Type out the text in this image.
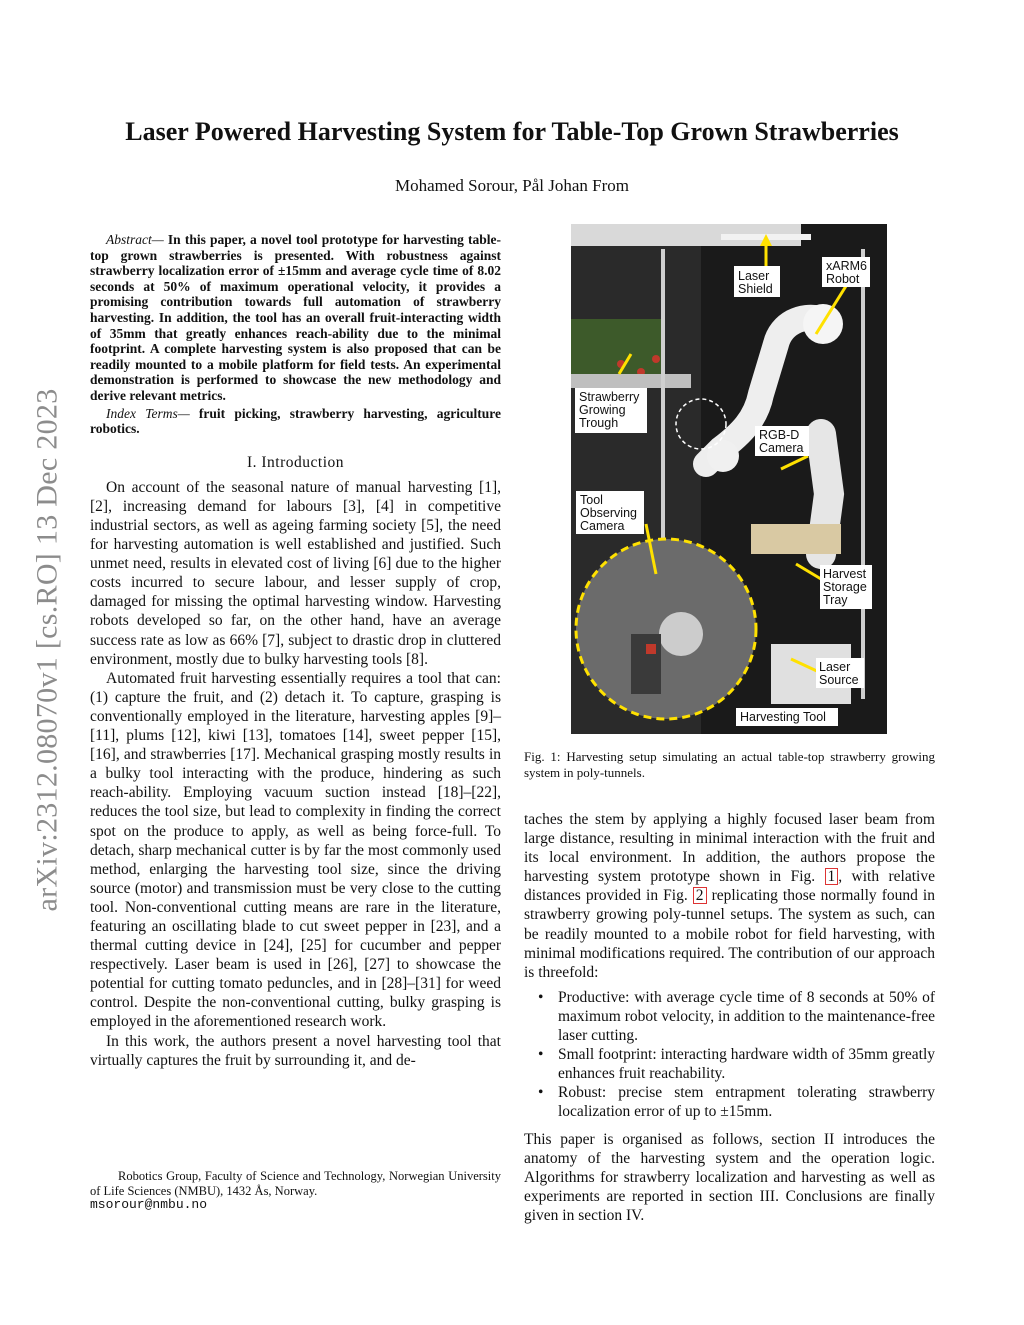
arXiv:2312.08070v1 [cs.RO] 13 Dec 2023
Laser Powered Harvesting System for Table-Top Grown Strawberries

Mohamed Sorour, Pål Johan From

Abstract— In this paper, a novel tool prototype for harvesting table-top grown strawberries is presented. With robustness against strawberry localization error of ±15mm and average cycle time of 8.02 seconds at 50% of maximum operational velocity, it provides a promising contribution towards full automation of strawberry harvesting. In addition, the tool has an overall fruit-interacting width of 35mm that greatly enhances reach-ability due to the minimal footprint. A complete harvesting system is also proposed that can be readily mounted to a mobile platform for field tests. An experimental demonstration is performed to showcase the new methodology and derive relevant metrics.

Index Terms— fruit picking, strawberry harvesting, agriculture robotics.

I. Introduction

On account of the seasonal nature of manual harvesting [1], [2], increasing demand for labours [3], [4] in competitive industrial sectors, as well as ageing farming society [5], the need for harvesting automation is well established and justified. Such unmet need, results in elevated cost of living [6] due to the higher costs incurred to secure labour, and lesser supply of crop, damaged for missing the optimal harvesting window. Harvesting robots developed so far, on the other hand, have an average success rate as low as 66% [7], subject to drastic drop in cluttered environment, mostly due to bulky harvesting tools [8].

Automated fruit harvesting essentially requires a tool that can: (1) capture the fruit, and (2) detach it. To capture, grasping is conventionally employed in the literature, harvesting apples [9]–[11], plums [12], kiwi [13], tomatoes [14], sweet pepper [15], [16], and strawberries [17]. Mechanical grasping mostly results in a bulky tool interacting with the produce, hindering as such reach-ability. Employing vacuum suction instead [18]–[22], reduces the tool size, but lead to complexity in finding the correct spot on the produce to apply, as well as being force-full. To detach, sharp mechanical cutter is by far the most commonly used method, enlarging the harvesting tool size, since the driving source (motor) and transmission must be very close to the cutting tool. Non-conventional cutting means are rare in the literature, featuring an oscillating blade to cut sweet pepper in [23], and a thermal cutting device in [24], [25] for cucumber and pepper respectively. Laser beam is used in [26], [27] to showcase the potential for cutting tomato peduncles, and in [28]–[31] for weed control. Despite the non-conventional cutting, bulky grasping is employed in the aforementioned research work.

In this work, the authors present a novel harvesting tool that virtually captures the fruit by surrounding it, and de-

Robotics Group, Faculty of Science and Technology, Norwegian University of Life Sciences (NMBU), 1432 Ås, Norway.

msorour@nmbu.no
Laser
Shield
xARM6
Robot
Strawberry
Growing
Trough
RGB-D
Camera
Tool
Observing
Camera
Harvest
Storage
Tray
Laser
Source
Harvesting Tool
Fig. 1: Harvesting setup simulating an actual table-top strawberry growing system in poly-tunnels.

taches the stem by applying a highly focused laser beam from large distance, resulting in minimal interaction with the fruit and its local environment. In addition, the authors propose the harvesting system prototype shown in Fig. 1 , with relative distances provided in Fig. 2 replicating those normally found in strawberry growing poly-tunnel setups. The system as such, can be readily mounted to a mobile robot for field harvesting, with minimal modifications required. The contribution of our approach is threefold:

• Productive: with average cycle time of 8 seconds at 50% of maximum robot velocity, in addition to the maintenance-free laser cutting.
• Small footprint: interacting hardware width of 35mm greatly enhances fruit reachability.
• Robust: precise stem entrapment tolerating strawberry localization error of up to ±15mm.

This paper is organised as follows, section II introduces the anatomy of the harvesting system and the operation logic. Algorithms for strawberry localization and harvesting as well as experiments are reported in section III. Conclusions are finally given in section IV.
